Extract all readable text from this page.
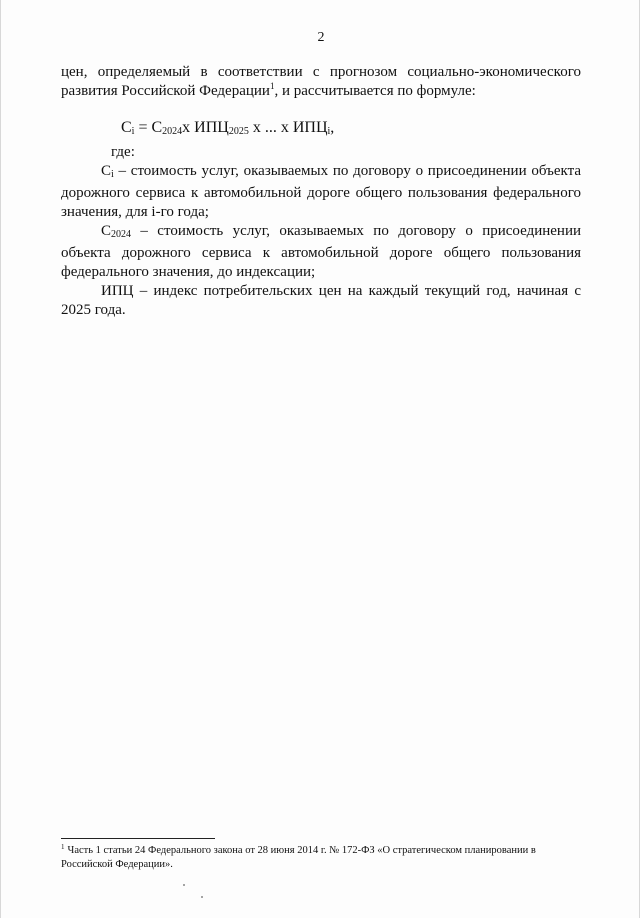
2

цен, определяемый в соответствии с прогнозом социально-экономического развития Российской Федерации$^1$, и рассчитывается по формуле:

$С_i = С_{2024}х$ $ИПЦ_{2025}$ х ... х $ИПЦ_i$,

где:

$С_i$ – стоимость услуг, оказываемых по договору о присоединении объекта дорожного сервиса к автомобильной дороге общего пользования федерального значения, для i-го года;

$С_{2024}$ – стоимость услуг, оказываемых по договору о присоединении объекта дорожного сервиса к автомобильной дороге общего пользования федерального значения, до индексации;

ИПЦ – индекс потребительских цен на каждый текущий год, начиная с 2025 года.

$^1$ Часть 1 статьи 24 Федерального закона от 28 июня 2014 г. № 172-ФЗ «О стратегическом планировании в Российской Федерации».
